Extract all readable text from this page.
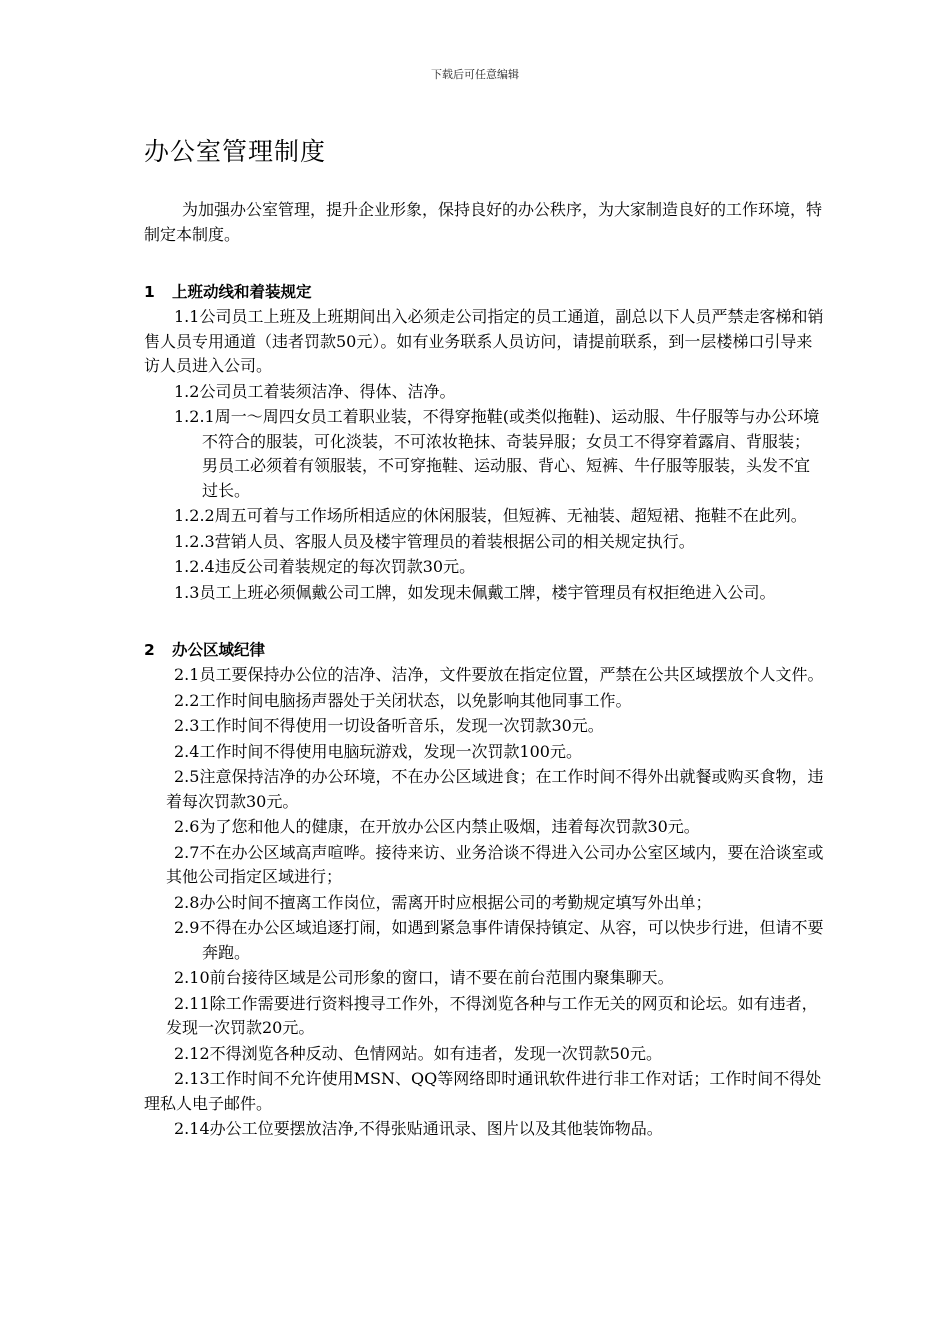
下载后可任意编辑
办公室管理制度

为加强办公室管理，提升企业形象，保持良好的办公秩序，为大家制造良好的工作环境，特制定本制度。

1 上班动线和着装规定

1.1公司员工上班及上班期间出入必须走公司指定的员工通道，副总以下人员严禁走客梯和销售人员专用通道（违者罚款50元）。如有业务联系人员访问，请提前联系，到一层楼梯口引导来访人员进入公司。

1.2公司员工着装须洁净、得体、洁净。

1.2.1周一～周四女员工着职业装，不得穿拖鞋(或类似拖鞋)、运动服、牛仔服等与办公环境不符合的服装，可化淡装，不可浓妆艳抹、奇装异服；女员工不得穿着露肩、背服装；男员工必须着有领服装，不可穿拖鞋、运动服、背心、短裤、牛仔服等服装，头发不宜过长。

1.2.2周五可着与工作场所相适应的休闲服装，但短裤、无袖装、超短裙、拖鞋不在此列。

1.2.3营销人员、客服人员及楼宇管理员的着装根据公司的相关规定执行。

1.2.4违反公司着装规定的每次罚款30元。

1.3员工上班必须佩戴公司工牌，如发现未佩戴工牌，楼宇管理员有权拒绝进入公司。

2 办公区域纪律

2.1员工要保持办公位的洁净、洁净，文件要放在指定位置，严禁在公共区域摆放个人文件。

2.2工作时间电脑扬声器处于关闭状态，以免影响其他同事工作。

2.3工作时间不得使用一切设备听音乐，发现一次罚款30元。

2.4工作时间不得使用电脑玩游戏，发现一次罚款100元。

2.5注意保持洁净的办公环境，不在办公区域进食；在工作时间不得外出就餐或购买食物，违着每次罚款30元。

2.6为了您和他人的健康，在开放办公区内禁止吸烟，违着每次罚款30元。

2.7不在办公区域高声喧哗。接待来访、业务洽谈不得进入公司办公室区域内，要在洽谈室或其他公司指定区域进行；

2.8办公时间不擅离工作岗位，需离开时应根据公司的考勤规定填写外出单；

2.9不得在办公区域追逐打闹，如遇到紧急事件请保持镇定、从容，可以快步行进，但请不要奔跑。

2.10前台接待区域是公司形象的窗口，请不要在前台范围内聚集聊天。

2.11除工作需要进行资料搜寻工作外，不得浏览各种与工作无关的网页和论坛。如有违者，发现一次罚款20元。

2.12不得浏览各种反动、色情网站。如有违者，发现一次罚款50元。

2.13工作时间不允许使用MSN、QQ等网络即时通讯软件进行非工作对话；工作时间不得处理私人电子邮件。

2.14办公工位要摆放洁净,不得张贴通讯录、图片以及其他装饰物品。
